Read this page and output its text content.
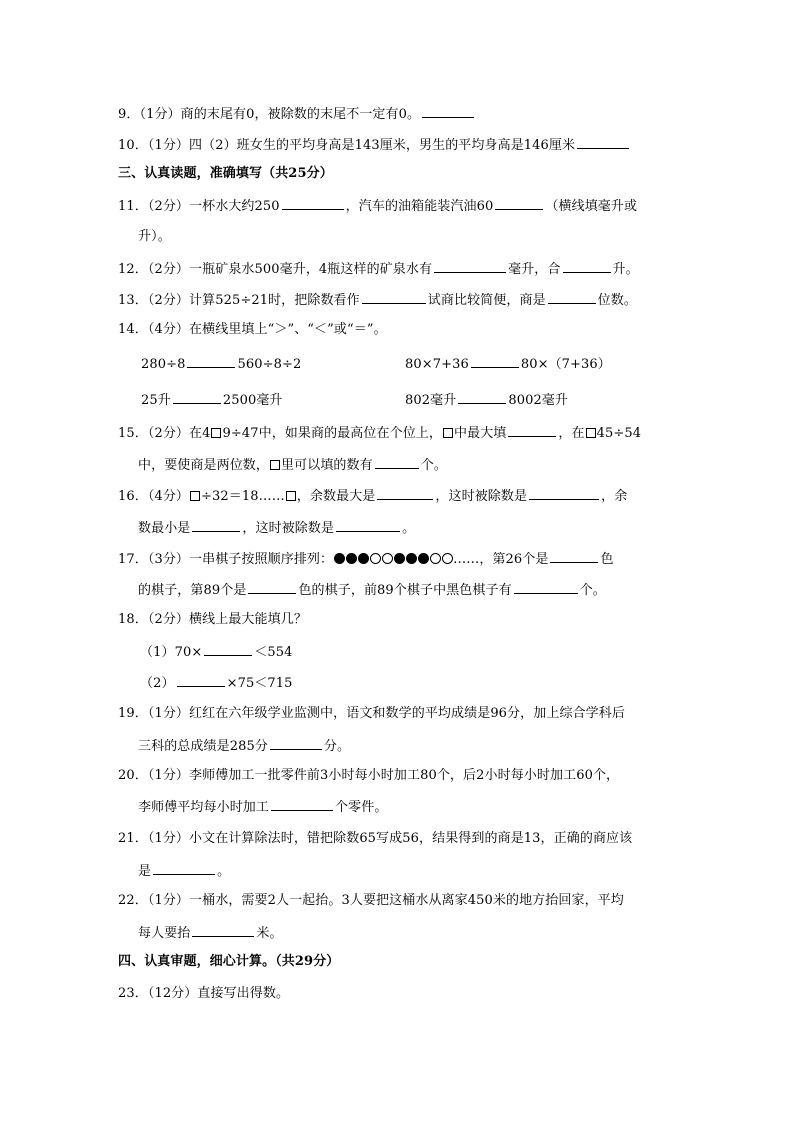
9．（1分）商的末尾有0，被除数的末尾不一定有0。
10．（1分）四（2）班女生的平均身高是143厘米，男生的平均身高是146厘米
三、认真读题，准确填写（共25分）
11．（2分）一杯水大约250	，汽车的油箱能装汽油60	（横线填毫升或
升）。
12．（2分）一瓶矿泉水500毫升，4瓶这样的矿泉水有	毫升，合	升。
13．（2分）计算525÷21时，把除数看作	试商比较简便，商是	位数。
14．（4分）在横线里填上“＞”、“＜”或“＝”。
280÷8	560÷8÷2	80×7+36	80×（7+36）
25升	2500毫升	802毫升	8002毫升
15．（2分）在4 9÷47中，如果商的最高位在个位上， 中最大填	，在 45÷54
中，要使商是两位数， 里可以填的数有	个。
16．（4分） ÷32＝18…… ，余数最大是	，这时被除数是	，余
数最小是	，这时被除数是	。
17．（3分）一串棋子按照顺序排列：	……，第26个是	色
的棋子，第89个是	色的棋子，前89个棋子中黑色棋子有	个。
18．（2分）横线上最大能填几？
（1）70×	＜554
（2）	×75＜715
19．（1分）红红在六年级学业监测中，语文和数学的平均成绩是96分，加上综合学科后
三科的总成绩是285分	分。
20．（1分）李师傅加工一批零件前3小时每小时加工80个，后2小时每小时加工60个，
李师傅平均每小时加工	个零件。
21．（1分）小文在计算除法时，错把除数65写成56，结果得到的商是13，正确的商应该
是	。
22．（1分）一桶水，需要2人一起抬。3人要把这桶水从离家450米的地方抬回家，平均
每人要抬	米。
四、认真审题，细心计算。（共29分）
23．（12分）直接写出得数。
